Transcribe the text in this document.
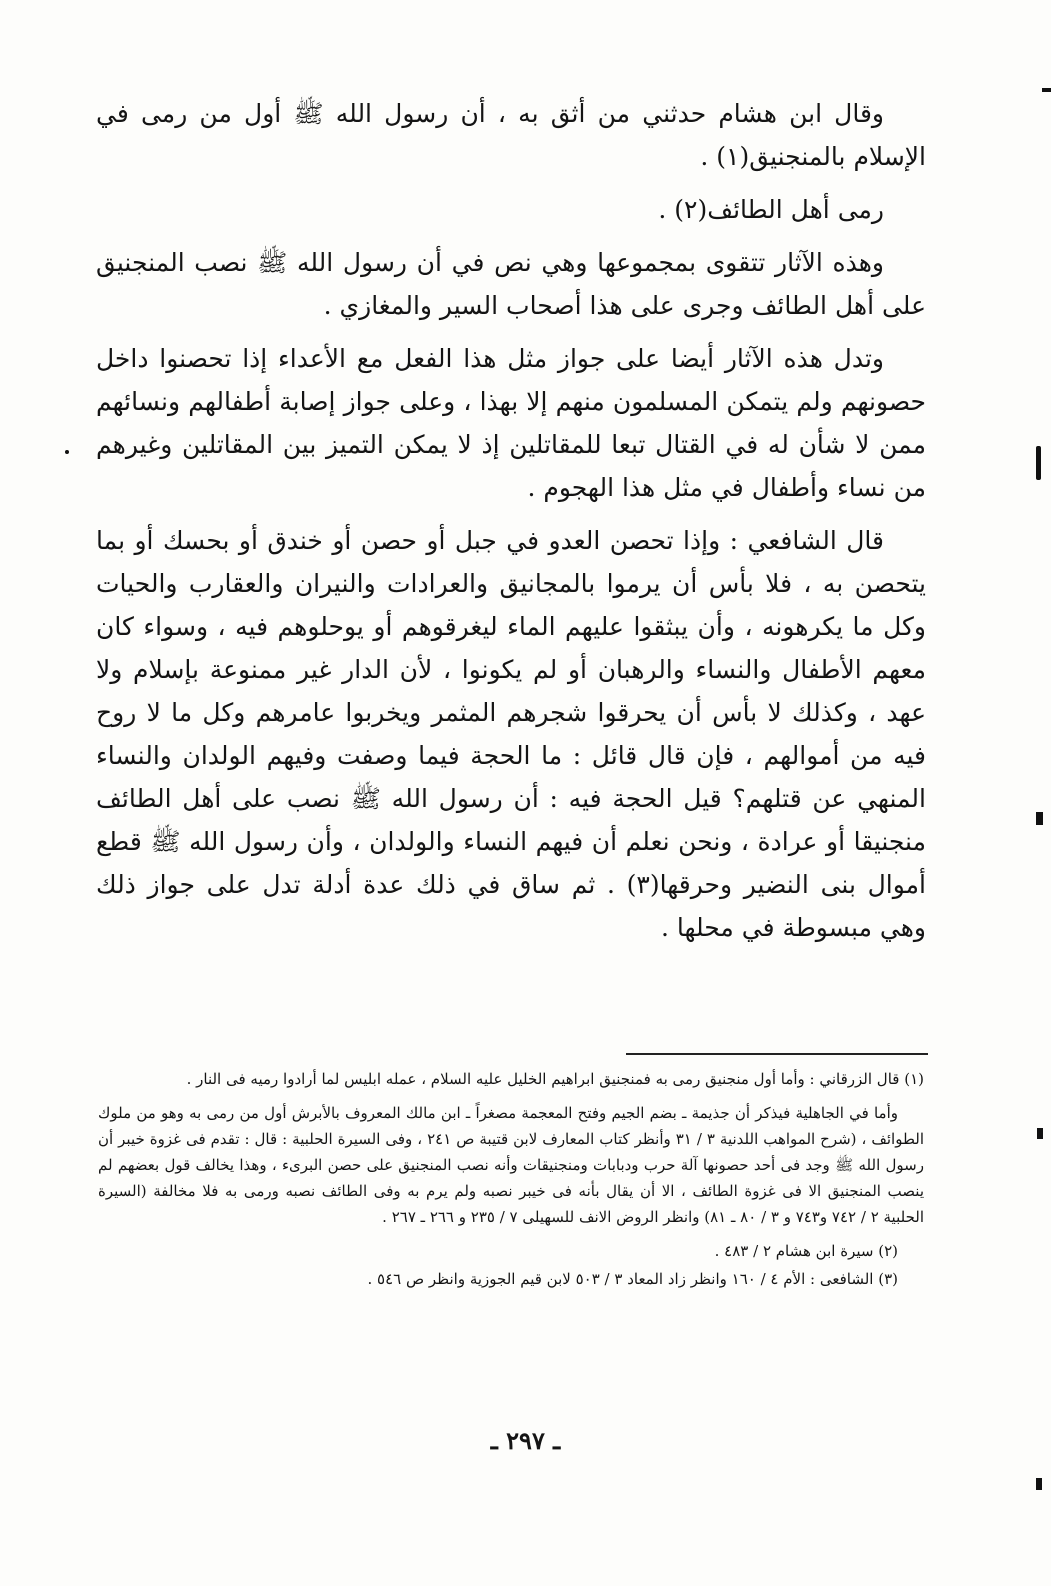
وقال ابن هشام حدثني من أثق به ، أن رسول الله ﷺ أول من رمى في الإسلام بالمنجنيق(١) .

رمى أهل الطائف(٢) .

وهذه الآثار تتقوى بمجموعها وهي نص في أن رسول الله ﷺ نصب المنجنيق على أهل الطائف وجرى على هذا أصحاب السير والمغازي .

وتدل هذه الآثار أيضا على جواز مثل هذا الفعل مع الأعداء إذا تحصنوا داخل حصونهم ولم يتمكن المسلمون منهم إلا بهذا ، وعلى جواز إصابة أطفالهم ونسائهم ممن لا شأن له في القتال تبعا للمقاتلين إذ لا يمكن التميز بين المقاتلين وغيرهم من نساء وأطفال في مثل هذا الهجوم .

قال الشافعي : وإذا تحصن العدو في جبل أو حصن أو خندق أو بحسك أو بما يتحصن به ، فلا بأس أن يرموا بالمجانيق والعرادات والنيران والعقارب والحيات وكل ما يكرهونه ، وأن يبثقوا عليهم الماء ليغرقوهم أو يوحلوهم فيه ، وسواء كان معهم الأطفال والنساء والرهبان أو لم يكونوا ، لأن الدار غير ممنوعة بإسلام ولا عهد ، وكذلك لا بأس أن يحرقوا شجرهم المثمر ويخربوا عامرهم وكل ما لا روح فيه من أموالهم ، فإن قال قائل : ما الحجة فيما وصفت وفيهم الولدان والنساء المنهي عن قتلهم؟ قيل الحجة فيه : أن رسول الله ﷺ نصب على أهل الطائف منجنيقا أو عرادة ، ونحن نعلم أن فيهم النساء والولدان ، وأن رسول الله ﷺ قطع أموال بنى النضير وحرقها(٣) . ثم ساق في ذلك عدة أدلة تدل على جواز ذلك وهي مبسوطة في محلها .

(١) قال الزرقاني : وأما أول منجنيق رمى به فمنجنيق ابراهيم الخليل عليه السلام ، عمله ابليس لما أرادوا رميه فى النار .

وأما في الجاهلية فيذكر أن جذيمة ـ بضم الجيم وفتح المعجمة مصغراً ـ ابن مالك المعروف بالأبرش أول من رمى به وهو من ملوك الطوائف ، (شرح المواهب اللدنية ٣ / ٣١ وأنظر كتاب المعارف لابن قتيبة ص ٢٤١ ، وفى السيرة الحلبية : قال : تقدم فى غزوة خيبر أن رسول الله ﷺ وجد فى أحد حصونها آلة حرب ودبابات ومنجنيقات وأنه نصب المنجنيق على حصن البرىء ، وهذا يخالف قول بعضهم لم ينصب المنجنيق الا فى غزوة الطائف ، الا أن يقال بأنه فى خيبر نصبه ولم يرم به وفى الطائف نصبه ورمى به فلا مخالفة (السيرة الحلبية ٢ / ٧٤٢ و٧٤٣ و ٣ / ٨٠ ـ ٨١) وانظر الروض الانف للسهيلى ٧ / ٢٣٥ و ٢٦٦ ـ ٢٦٧ .

(٢) سيرة ابن هشام ٢ / ٤٨٣ .

(٣) الشافعى : الأم ٤ / ١٦٠ وانظر زاد المعاد ٣ / ٥٠٣ لابن قيم الجوزية وانظر ص ٥٤٦ .

ـ ٢٩٧ ـ
